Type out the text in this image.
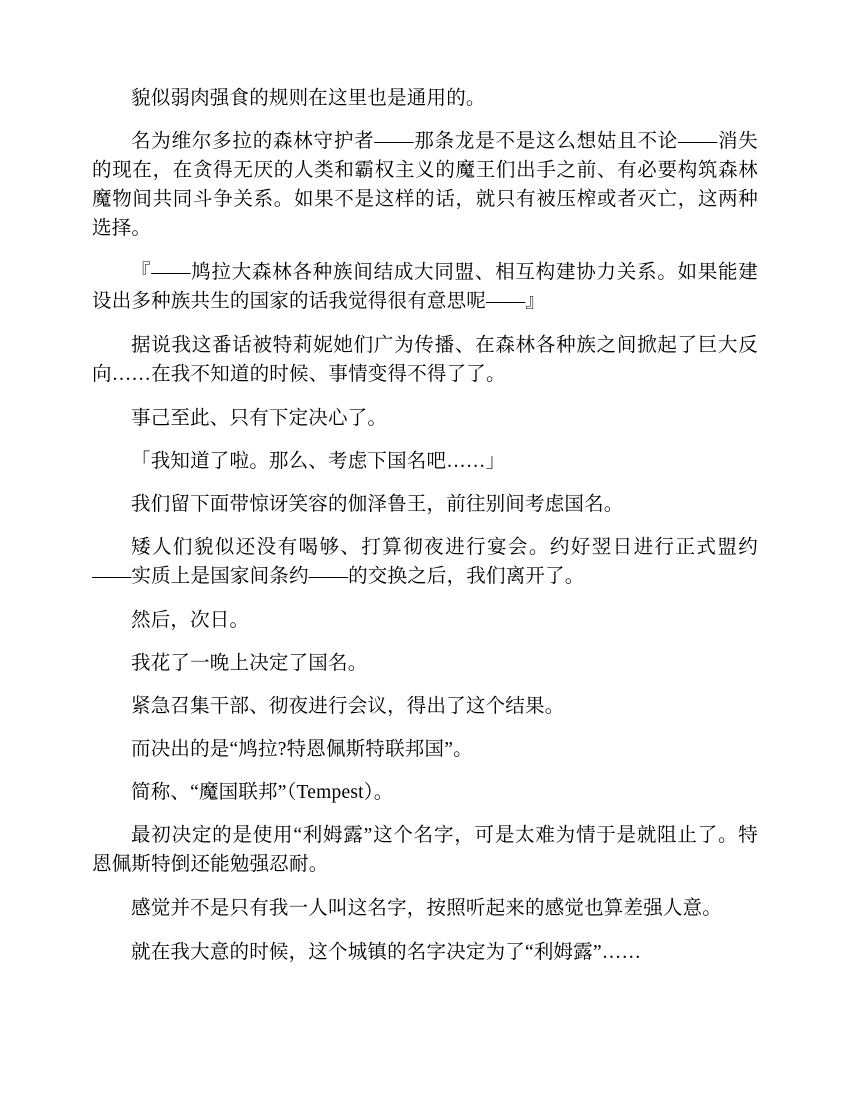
貌似弱肉强食的规则在这里也是通用的。

名为维尔多拉的森林守护者——那条龙是不是这么想姑且不论——消失的现在，在贪得无厌的人类和霸权主义的魔王们出手之前、有必要构筑森林魔物间共同斗争关系。如果不是这样的话，就只有被压榨或者灭亡，这两种选择。

『——鸠拉大森林各种族间结成大同盟、相互构建协力关系。如果能建设出多种族共生的国家的话我觉得很有意思呢——』

据说我这番话被特莉妮她们广为传播、在森林各种族之间掀起了巨大反向……在我不知道的时候、事情变得不得了了。

事己至此、只有下定决心了。

「我知道了啦。那么、考虑下国名吧……」

我们留下面带惊讶笑容的伽泽鲁王，前往别间考虑国名。

矮人们貌似还没有喝够、打算彻夜进行宴会。约好翌日进行正式盟约——实质上是国家间条约——的交换之后，我们离开了。

然后，次日。

我花了一晚上决定了国名。

紧急召集干部、彻夜进行会议，得出了这个结果。

而决出的是“鸠拉?特恩佩斯特联邦国”。

简称、“魔国联邦”（Tempest）。

最初决定的是使用“利姆露”这个名字，可是太难为情于是就阻止了。特恩佩斯特倒还能勉强忍耐。

感觉并不是只有我一人叫这名字，按照听起来的感觉也算差强人意。

就在我大意的时候，这个城镇的名字决定为了“利姆露”……
